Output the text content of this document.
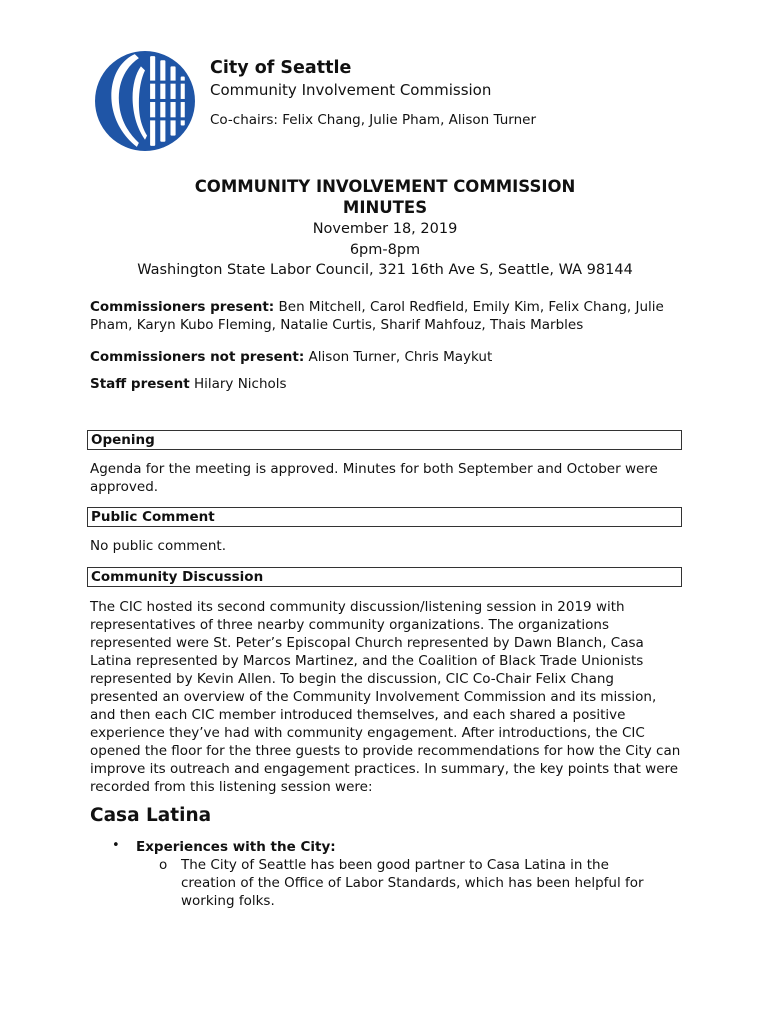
City of Seattle
Community Involvement Commission
Co-chairs: Felix Chang, Julie Pham, Alison Turner
COMMUNITY INVOLVEMENT COMMISSION
MINUTES
November 18, 2019
6pm-8pm
Washington State Labor Council, 321 16th Ave S, Seattle, WA 98144
Commissioners present: Ben Mitchell, Carol Redfield, Emily Kim, Felix Chang, Julie Pham, Karyn Kubo Fleming, Natalie Curtis, Sharif Mahfouz, Thais Marbles
Commissioners not present: Alison Turner, Chris Maykut
Staff present Hilary Nichols
Opening
Agenda for the meeting is approved. Minutes for both September and October were approved.
Public Comment
No public comment.
Community Discussion
The CIC hosted its second community discussion/listening session in 2019 with representatives of three nearby community organizations. The organizations represented were St. Peter’s Episcopal Church represented by Dawn Blanch, Casa Latina represented by Marcos Martinez, and the Coalition of Black Trade Unionists represented by Kevin Allen. To begin the discussion, CIC Co-Chair Felix Chang presented an overview of the Community Involvement Commission and its mission, and then each CIC member introduced themselves, and each shared a positive experience they’ve had with community engagement. After introductions, the CIC opened the floor for the three guests to provide recommendations for how the City can improve its outreach and engagement practices. In summary, the key points that were recorded from this listening session were:
Casa Latina
• Experiences with the City:
o The City of Seattle has been good partner to Casa Latina in the creation of the Office of Labor Standards, which has been helpful for working folks.
